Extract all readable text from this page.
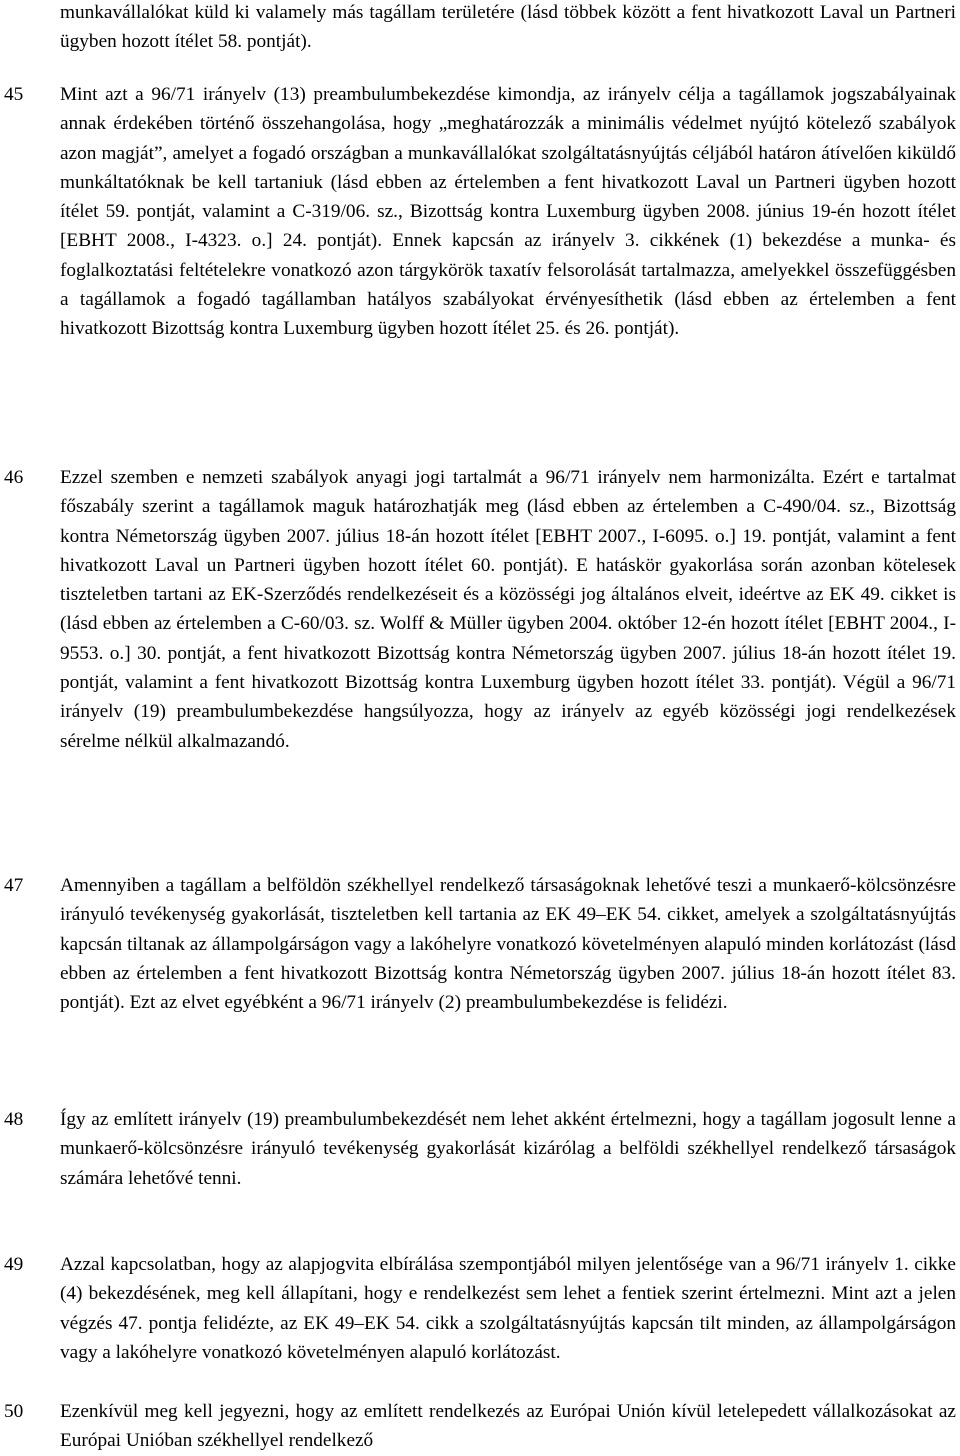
munkavállalókat küld ki valamely más tagállam területére (lásd többek között a fent hivatkozott Laval un Partneri ügyben hozott ítélet 58. pontját).
45 Mint azt a 96/71 irányelv (13) preambulumbekezdése kimondja, az irányelv célja a tagállamok jogszabályainak annak érdekében történő összehangolása, hogy „meghatározzák a minimális védelmet nyújtó kötelező szabályok azon magját”, amelyet a fogadó országban a munkavállalókat szolgáltatásnyújtás céljából határon átívelően kiküldő munkáltatóknak be kell tartaniuk (lásd ebben az értelemben a fent hivatkozott Laval un Partneri ügyben hozott ítélet 59. pontját, valamint a C-319/06. sz., Bizottság kontra Luxemburg ügyben 2008. június 19-én hozott ítélet [EBHT 2008., I-4323. o.] 24. pontját). Ennek kapcsán az irányelv 3. cikkének (1) bekezdése a munka- és foglalkoztatási feltételekre vonatkozó azon tárgykörök taxatív felsorolását tartalmazza, amelyekkel összefüggésben a tagállamok a fogadó tagállamban hatályos szabályokat érvényesíthetik (lásd ebben az értelemben a fent hivatkozott Bizottság kontra Luxemburg ügyben hozott ítélet 25. és 26. pontját).
46 Ezzel szemben e nemzeti szabályok anyagi jogi tartalmát a 96/71 irányelv nem harmonizálta. Ezért e tartalmat főszabály szerint a tagállamok maguk határozhatják meg (lásd ebben az értelemben a C-490/04. sz., Bizottság kontra Németország ügyben 2007. július 18-án hozott ítélet [EBHT 2007., I-6095. o.] 19. pontját, valamint a fent hivatkozott Laval un Partneri ügyben hozott ítélet 60. pontját). E hatáskör gyakorlása során azonban kötelesek tiszteletben tartani az EK-Szerződés rendelkezéseit és a közösségi jog általános elveit, ideértve az EK 49. cikket is (lásd ebben az értelemben a C-60/03. sz. Wolff & Müller ügyben 2004. október 12-én hozott ítélet [EBHT 2004., I-9553. o.] 30. pontját, a fent hivatkozott Bizottság kontra Németország ügyben 2007. július 18-án hozott ítélet 19. pontját, valamint a fent hivatkozott Bizottság kontra Luxemburg ügyben hozott ítélet 33. pontját). Végül a 96/71 irányelv (19) preambulumbekezdése hangsúlyozza, hogy az irányelv az egyéb közösségi jogi rendelkezések sérelme nélkül alkalmazandó.
47 Amennyiben a tagállam a belföldön székhellyel rendelkező társaságoknak lehetővé teszi a munkaerő-kölcsönzésre irányuló tevékenység gyakorlását, tiszteletben kell tartania az EK 49–EK 54. cikket, amelyek a szolgáltatásnyújtás kapcsán tiltanak az állampolgárságon vagy a lakóhelyre vonatkozó követelményen alapuló minden korlátozást (lásd ebben az értelemben a fent hivatkozott Bizottság kontra Németország ügyben 2007. július 18-án hozott ítélet 83. pontját). Ezt az elvet egyébként a 96/71 irányelv (2) preambulumbekezdése is felidézi.
48 Így az említett irányelv (19) preambulumbekezdését nem lehet akként értelmezni, hogy a tagállam jogosult lenne a munkaerő-kölcsönzésre irányuló tevékenység gyakorlását kizárólag a belföldi székhellyel rendelkező társaságok számára lehetővé tenni.
49 Azzal kapcsolatban, hogy az alapjogvita elbírálása szempontjából milyen jelentősége van a 96/71 irányelv 1. cikke (4) bekezdésének, meg kell állapítani, hogy e rendelkezést sem lehet a fentiek szerint értelmezni. Mint azt a jelen végzés 47. pontja felidézte, az EK 49–EK 54. cikk a szolgáltatásnyújtás kapcsán tilt minden, az állampolgárságon vagy a lakóhelyre vonatkozó követelményen alapuló korlátozást.
50 Ezenkívül meg kell jegyezni, hogy az említett rendelkezés az Európai Unión kívül letelepedett vállalkozásokat az Európai Unióban székhellyel rendelkező
